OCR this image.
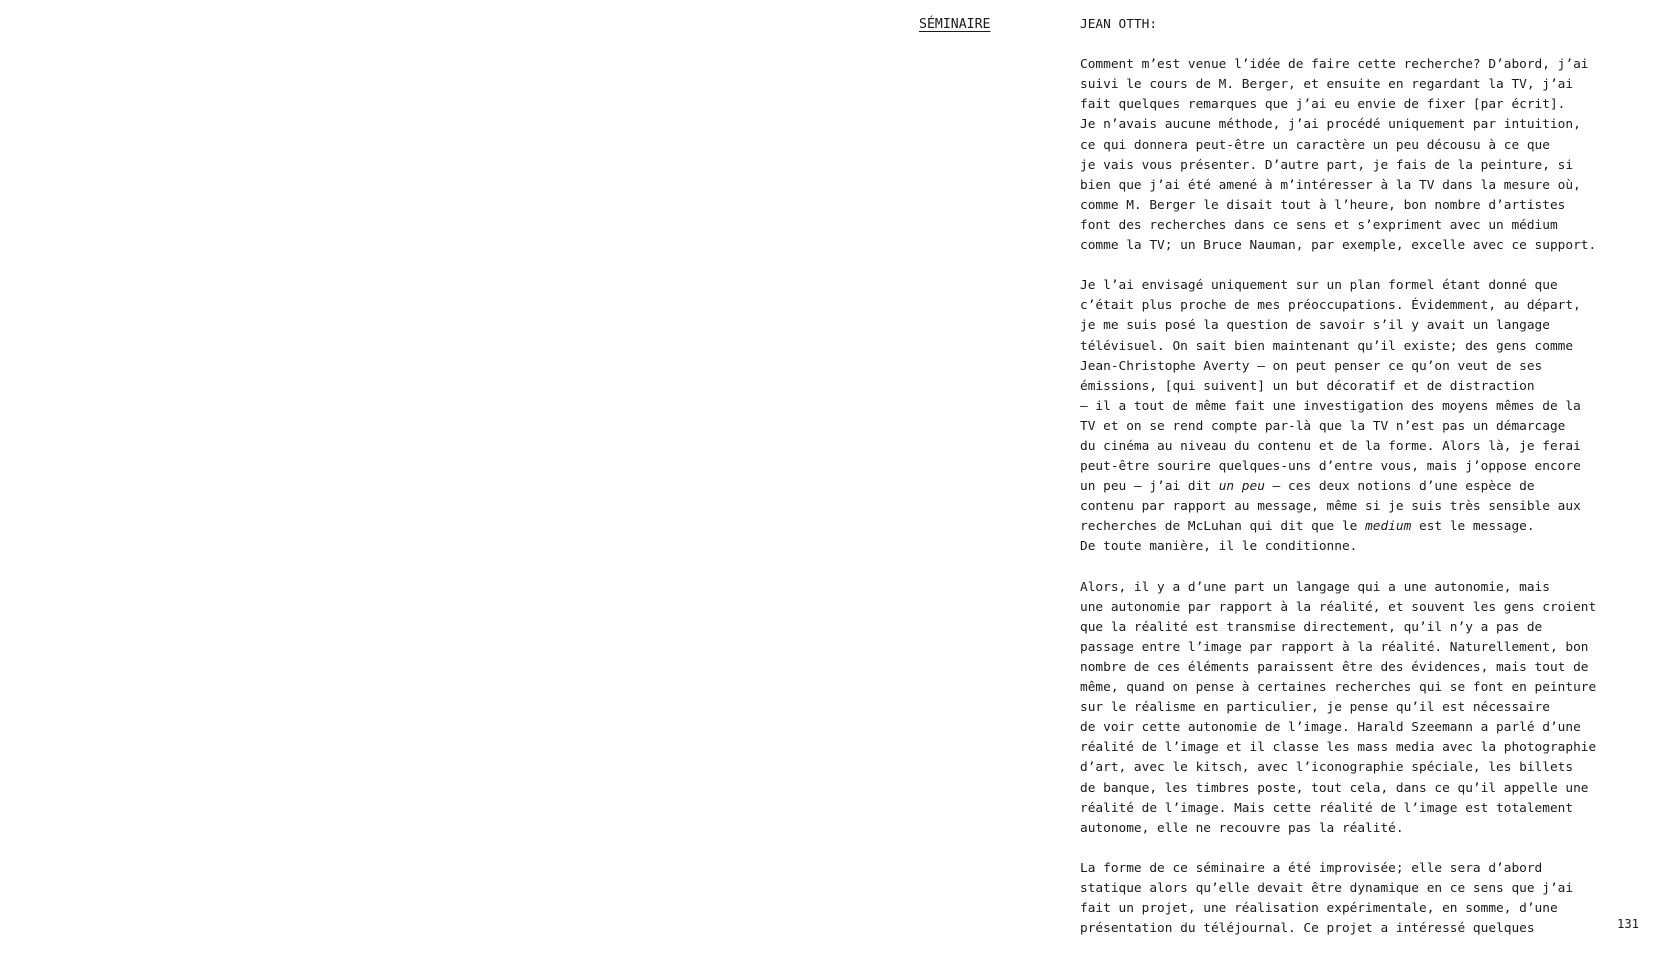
SÉMINAIRE	JEAN OTTH:
Comment m’est venue l’idée de faire cette recherche? D’abord, j’ai
suivi le cours de M. Berger, et ensuite en regardant la TV, j’ai
fait quelques remarques que j’ai eu envie de fixer [par écrit].
Je n’avais aucune méthode, j’ai procédé uniquement par intuition,
ce qui donnera peut-être un caractère un peu décousu à ce que
je vais vous présenter. D’autre part, je fais de la peinture, si
bien que j’ai été amené à m’intéresser à la TV dans la mesure où,
comme M. Berger le disait tout à l’heure, bon nombre d’artistes
font des recherches dans ce sens et s’expriment avec un médium
comme la TV; un Bruce Nauman, par exemple, excelle avec ce support.
Je l’ai envisagé uniquement sur un plan formel étant donné que
c’était plus proche de mes préoccupations. Évidemment, au départ,
je me suis posé la question de savoir s’il y avait un langage
télévisuel. On sait bien maintenant qu’il existe; des gens comme
Jean-Christophe Averty – on peut penser ce qu’on veut de ses
émissions, [qui suivent] un but décoratif et de distraction
– il a tout de même fait une investigation des moyens mêmes de la
TV et on se rend compte par-là que la TV n’est pas un démarcage
du cinéma au niveau du contenu et de la forme. Alors là, je ferai
peut-être sourire quelques-uns d’entre vous, mais j’oppose encore
un peu – j’ai dit un peu – ces deux notions d’une espèce de
contenu par rapport au message, même si je suis très sensible aux
recherches de McLuhan qui dit que le medium est le message.
De toute manière, il le conditionne.
Alors, il y a d’une part un langage qui a une autonomie, mais
une autonomie par rapport à la réalité, et souvent les gens croient
que la réalité est transmise directement, qu’il n’y a pas de
passage entre l’image par rapport à la réalité. Naturellement, bon
nombre de ces éléments paraissent être des évidences, mais tout de
même, quand on pense à certaines recherches qui se font en peinture
sur le réalisme en particulier, je pense qu’il est nécessaire
de voir cette autonomie de l’image. Harald Szeemann a parlé d’une
réalité de l’image et il classe les mass media avec la photographie
d’art, avec le kitsch, avec l’iconographie spéciale, les billets
de banque, les timbres poste, tout cela, dans ce qu’il appelle une
réalité de l’image. Mais cette réalité de l’image est totalement
autonome, elle ne recouvre pas la réalité.
La forme de ce séminaire a été improvisée; elle sera d’abord
statique alors qu’elle devait être dynamique en ce sens que j’ai
fait un projet, une réalisation expérimentale, en somme, d’une
présentation du téléjournal. Ce projet a intéressé quelques	131
